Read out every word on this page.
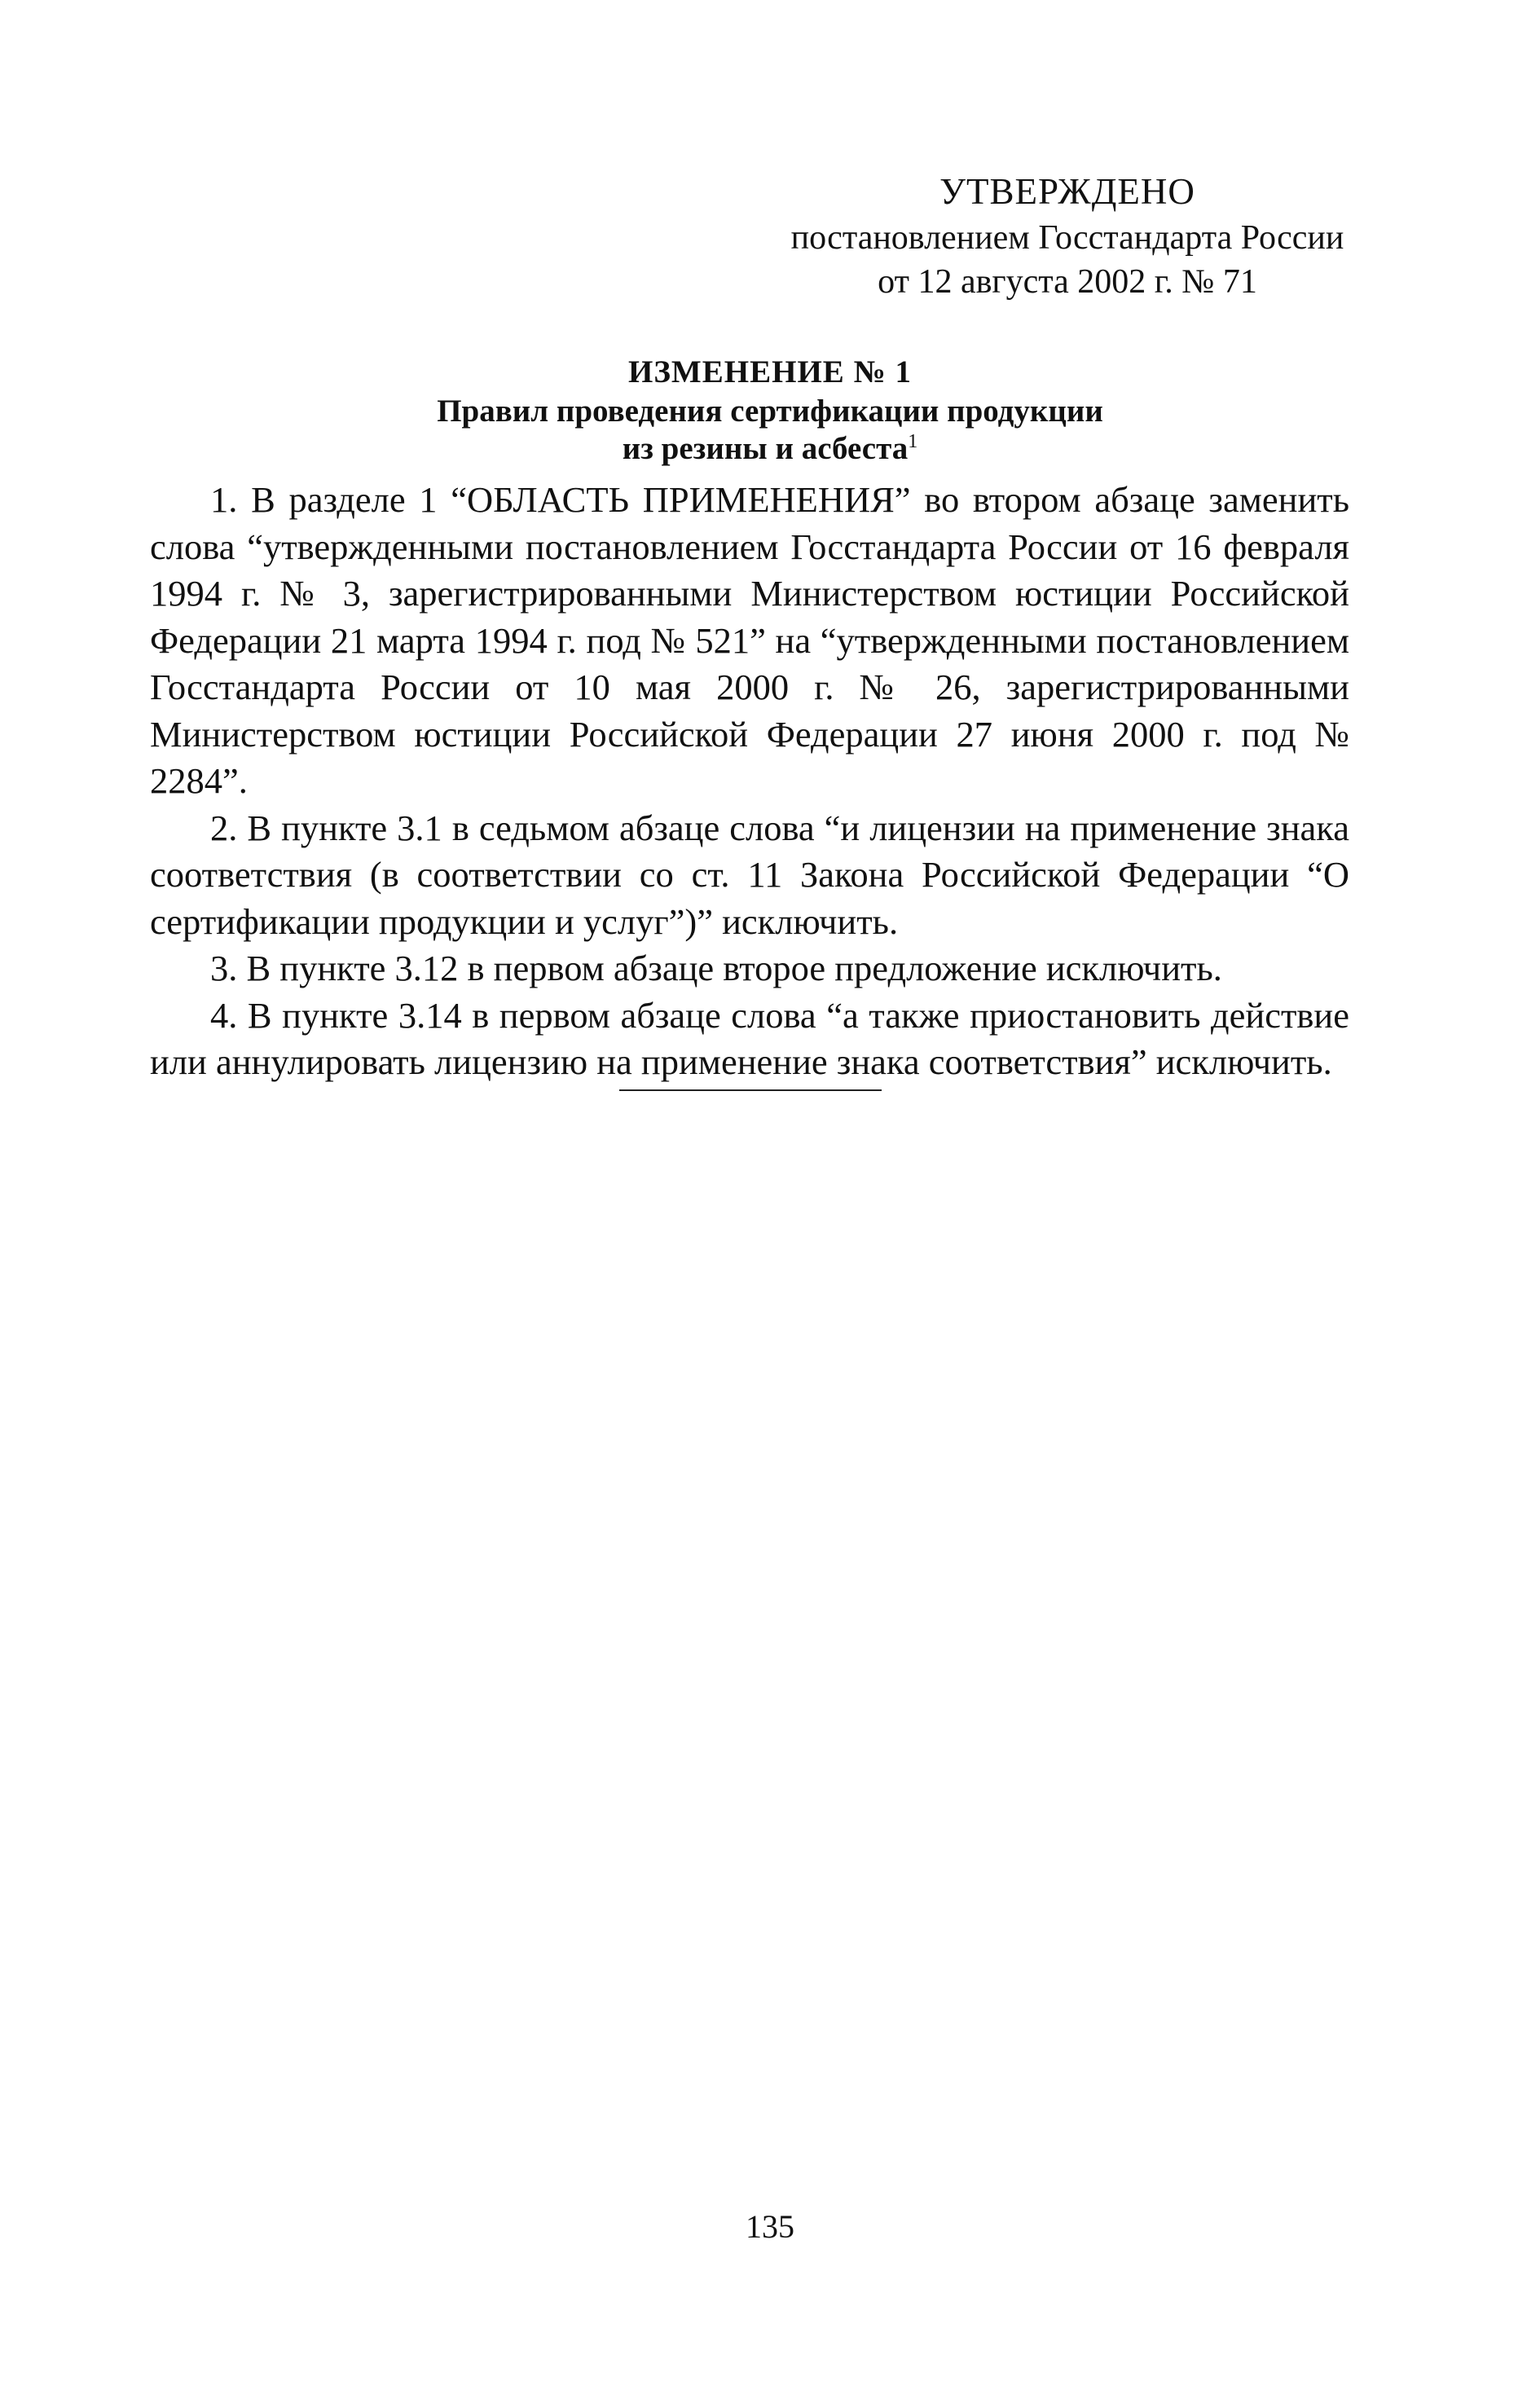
УТВЕРЖДЕНО
постановлением Госстандарта России
от 12 августа 2002 г. № 71
ИЗМЕНЕНИЕ № 1
Правил проведения сертификации продукции
из резины и асбеста$^1$

1. В разделе 1 “ОБЛАСТЬ ПРИМЕНЕНИЯ” во втором абзаце заменить слова “утвержденными постановлением Госстандарта России от 16 февраля 1994 г. № 3, зарегистрированными Министерством юстиции Российской Федерации 21 марта 1994 г. под № 521” на “утвержденными постановлением Госстандарта России от 10 мая 2000 г. № 26, зарегистрированными Министерством юстиции Российской Федерации 27 июня 2000 г. под № 2284”.

2. В пункте 3.1 в седьмом абзаце слова “и лицензии на применение знака соответствия (в соответствии со ст. 11 Закона Российской Федерации “О сертификации продукции и услуг”)” исключить.

3. В пункте 3.12 в первом абзаце второе предложение исключить.

4. В пункте 3.14 в первом абзаце слова “а также приостановить действие или аннулировать лицензию на применение знака соответствия” исключить.

135
